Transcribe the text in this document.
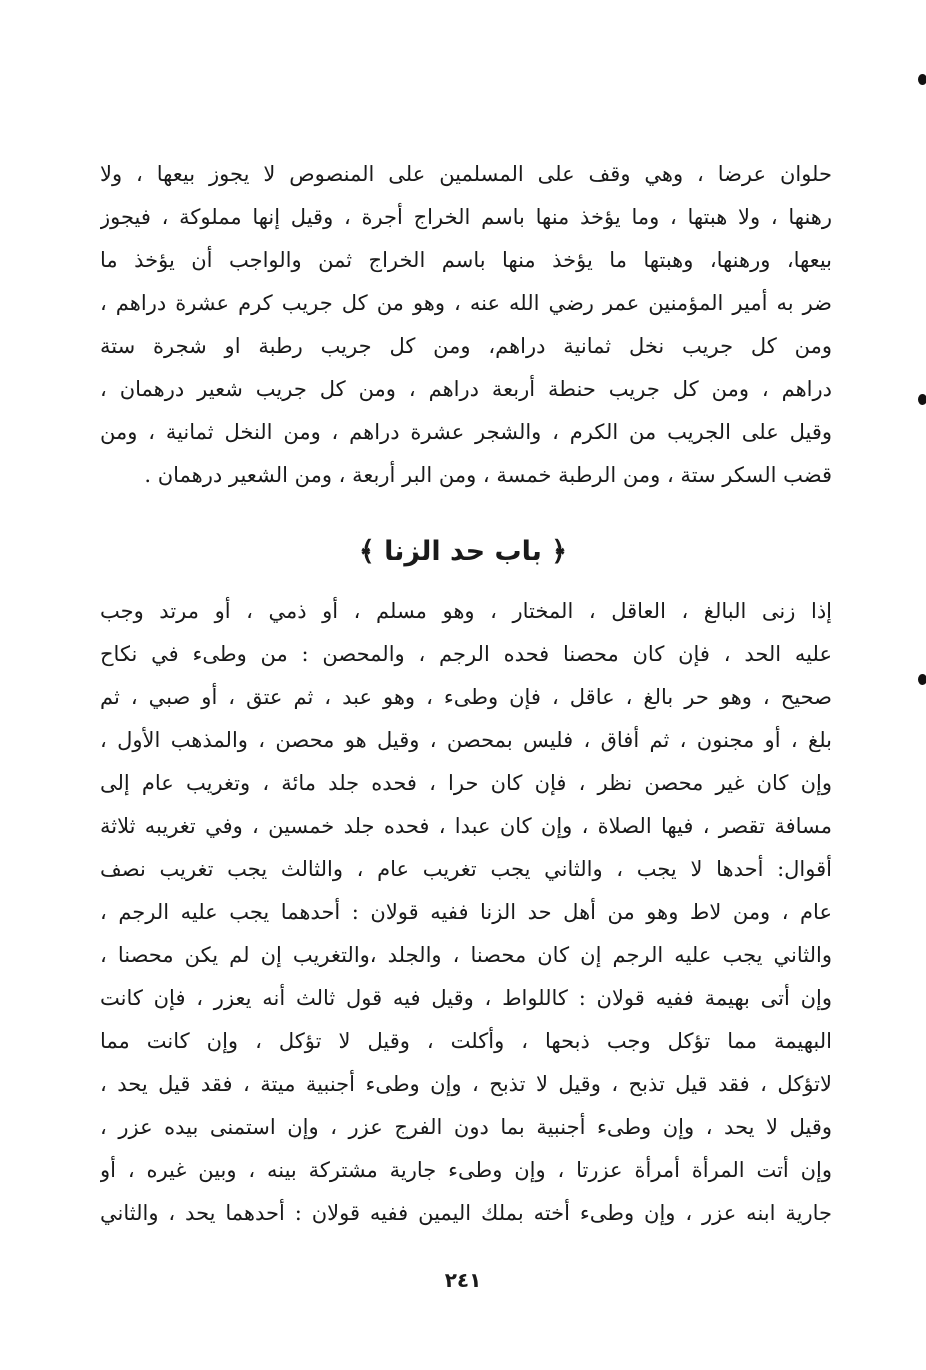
حلوان عرضا ، وهي وقف على المسلمين على المنصوص لا يجوز بيعها ، ولا
رهنها ، ولا هبتها ، وما يؤخذ منها باسم الخراج أجرة ، وقيل إنها مملوكة ، فيجوز
بيعها، ورهنها، وهبتها ما يؤخذ منها باسم الخراج ثمن والواجب أن يؤخذ ما
ضر به أمير المؤمنين عمر رضي الله عنه ، وهو من كل جريب كرم عشرة دراهم ،
ومن كل جريب نخل ثمانية دراهم، ومن كل جريب رطبة او شجرة ستة
دراهم ، ومن كل جريب حنطة أربعة دراهم ، ومن كل جريب شعير درهمان ،
وقيل على الجريب من الكرم ، والشجر عشرة دراهم ، ومن النخل ثمانية ، ومن
قضب السكر ستة ، ومن الرطبة خمسة ، ومن البر أربعة ، ومن الشعير درهمان .
﴿ باب حد الزنا ﴾
إذا زنى البالغ ، العاقل ، المختار ، وهو مسلم ، أو ذمي ، أو مرتد وجب
عليه الحد ، فإن كان محصنا فحده الرجم ، والمحصن : من وطىء في نكاح
صحيح ، وهو حر بالغ ، عاقل ، فإن وطىء ، وهو عبد ، ثم عتق ، أو صبي ، ثم
بلغ ، أو مجنون ، ثم أفاق ، فليس بمحصن ، وقيل هو محصن ، والمذهب الأول ،
وإن كان غير محصن نظر ، فإن كان حرا ، فحده جلد مائة ، وتغريب عام إلى
مسافة تقصر ، فيها الصلاة ، وإن كان عبدا ، فحده جلد خمسين ، وفي تغريبه ثلاثة
أقوال: أحدها لا يجب ، والثاني يجب تغريب عام ، والثالث يجب تغريب نصف
عام ، ومن لاط وهو من أهل حد الزنا ففيه قولان : أحدهما يجب عليه الرجم ،
والثاني يجب عليه الرجم إن كان محصنا ، والجلد ،والتغريب إن لم يكن محصنا ،
وإن أتى بهيمة ففيه قولان : كاللواط ، وقيل فيه قول ثالث أنه يعزر ، فإن كانت
البهيمة مما تؤكل وجب ذبحها ، وأكلت ، وقيل لا تؤكل ، وإن كانت مما
لاتؤكل ، فقد قيل تذبح ، وقيل لا تذبح ، وإن وطىء أجنبية ميتة ، فقد قيل يحد ،
وقيل لا يحد ، وإن وطىء أجنبية بما دون الفرج عزر ، وإن استمنى بيده عزر ،
وإن أتت المرأة أمرأة عزرتا ، وإن وطىء جارية مشتركة بينه ، وبين غيره ، أو
جارية ابنه عزر ، وإن وطىء أخته بملك اليمين ففيه قولان : أحدهما يحد ، والثاني
٢٤١
